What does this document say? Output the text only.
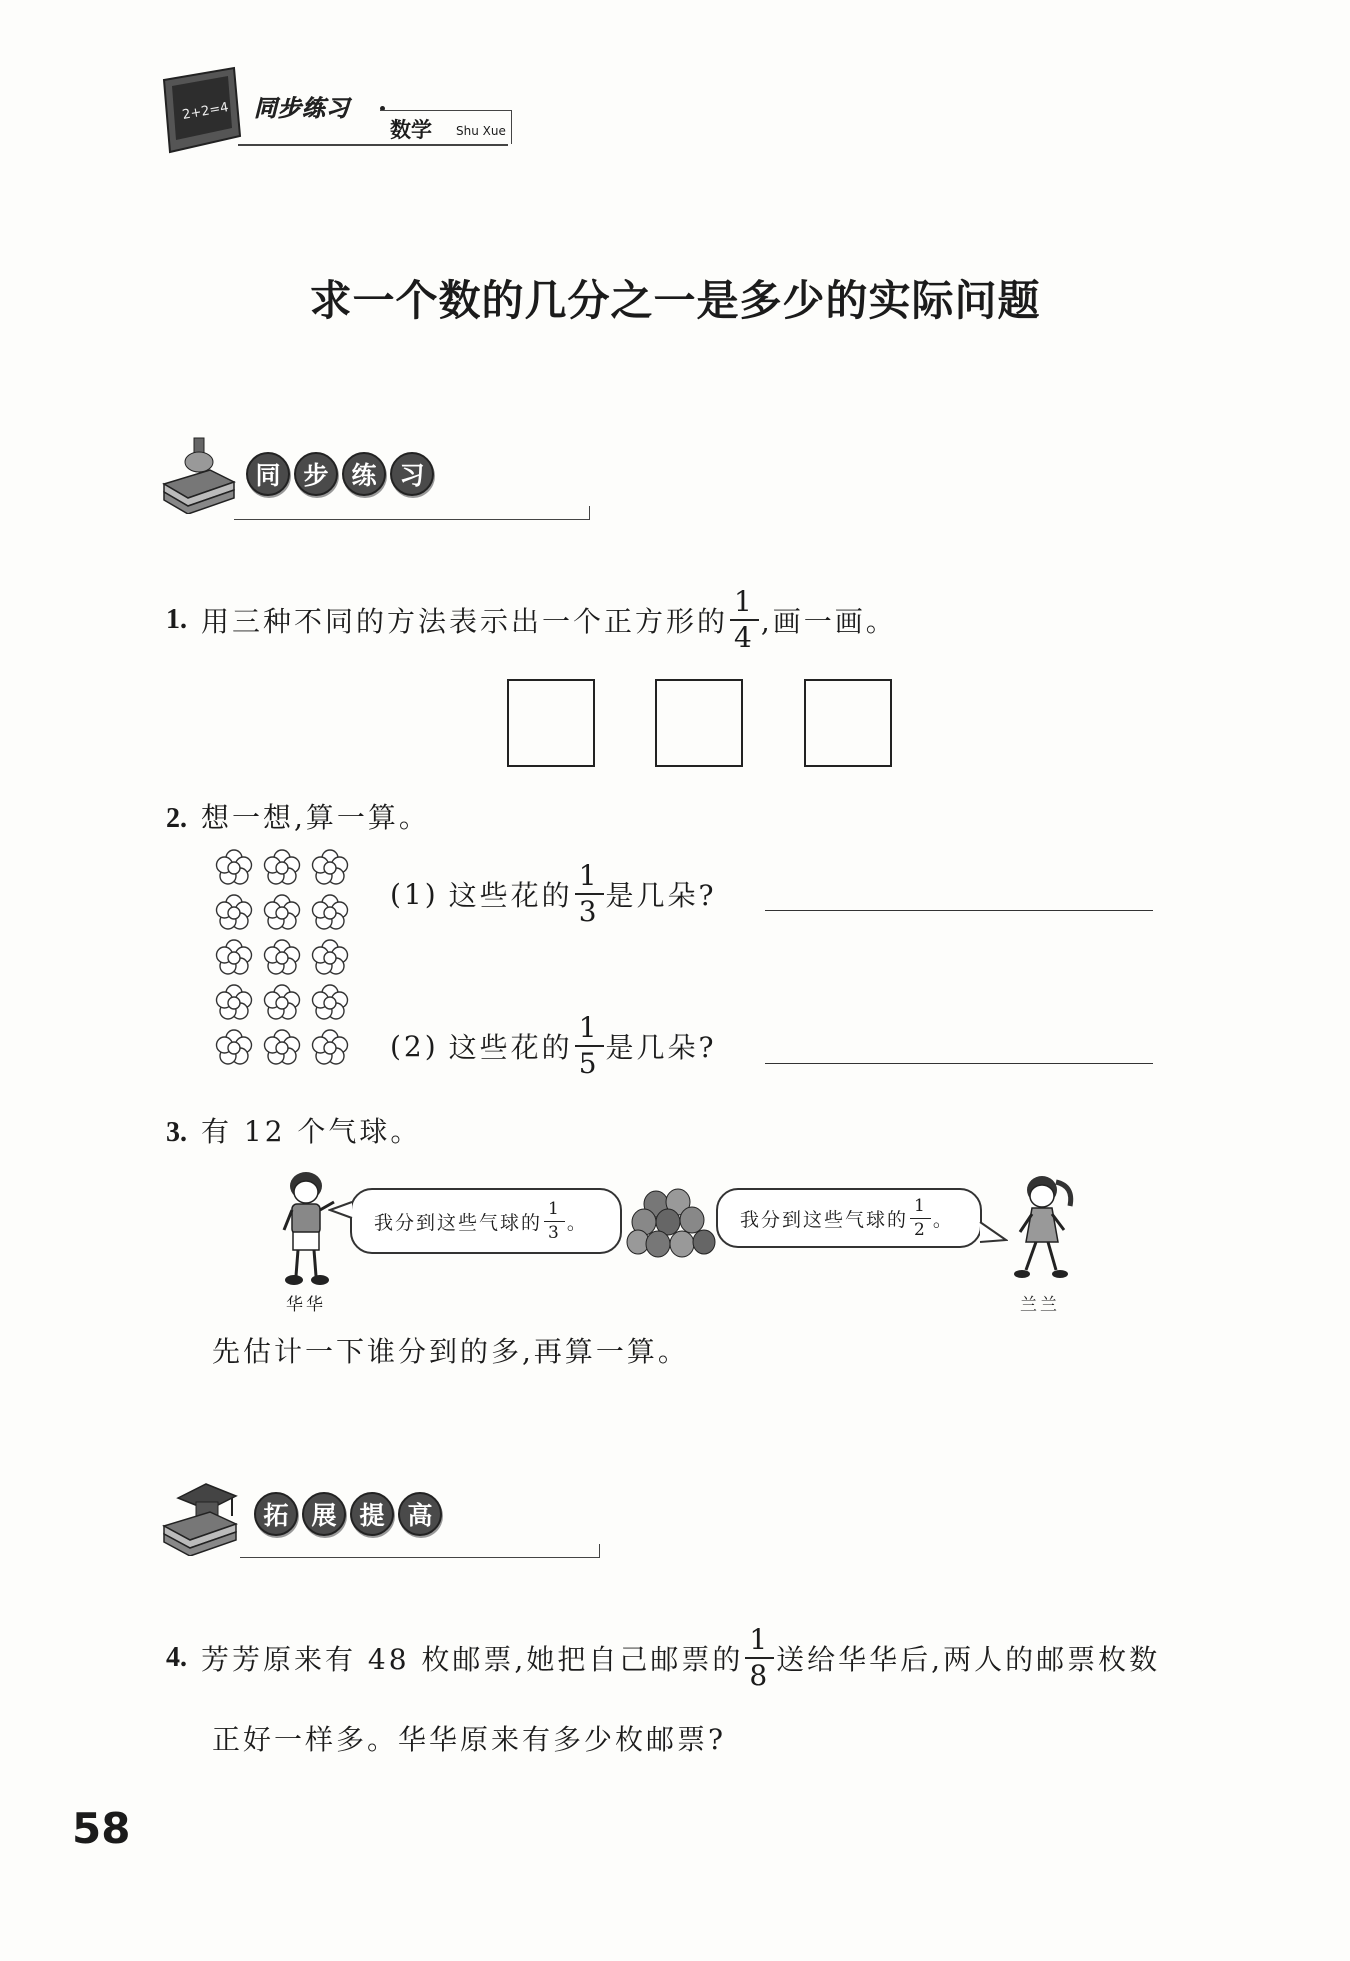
2+2=4 同步练习
数学 Shu Xue
求一个数的几分之一是多少的实际问题
同 步 练 习
1. 用三种不同的方法表示出一个正方形的 $\frac{1}{4}$ ,画一画。
2. 想一想,算一算。
(1) 这些花的 $\frac{1}{3}$ 是几朵?
(2) 这些花的 $\frac{1}{5}$ 是几朵?
3. 有 12 个气球。
华华
我分到这些气球的 $\frac{1}{3}$ 。	我分到这些气球的 $\frac{1}{2}$ 。
兰兰
先估计一下谁分到的多,再算一算。
拓 展 提 高
4. 芳芳原来有 48 枚邮票,她把自己邮票的 $\frac{1}{8}$ 送给华华后,两人的邮票枚数
正好一样多。华华原来有多少枚邮票?
58
